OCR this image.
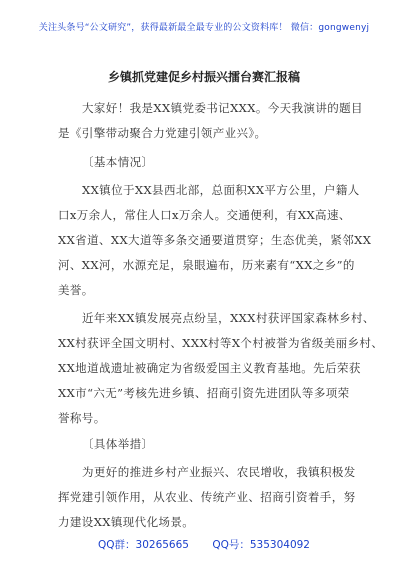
关注头条号“公文研究”，获得最新最全最专业的公文资料库！ 微信：gongwenyj
乡镇抓党建促乡村振兴擂台赛汇报稿
大家好！我是XX镇党委书记XXX。今天我演讲的题目
是《引擎带动聚合力党建引领产业兴》。
〔基本情况〕
XX镇位于XX县西北部，总面积XX平方公里，户籍人
口x万余人，常住人口x万余人。交通便利，有XX高速、
XX省道、XX大道等多条交通要道贯穿；生态优美，紧邻XX
河、XX河，水源充足，泉眼遍布，历来素有“XX之乡”的
美誉。
近年来XX镇发展亮点纷呈，XXX村获评国家森林乡村、
XX村获评全国文明村、XXX村等X个村被誉为省级美丽乡村、
XX地道战遗址被确定为省级爱国主义教育基地。先后荣获
XX市“六无”考核先进乡镇、招商引资先进团队等多项荣
誉称号。
〔具体举措〕
为更好的推进乡村产业振兴、农民增收，我镇积极发
挥党建引领作用，从农业、传统产业、招商引资着手，努
力建设XX镇现代化场景。
QQ群：30265665 QQ号：535304092
